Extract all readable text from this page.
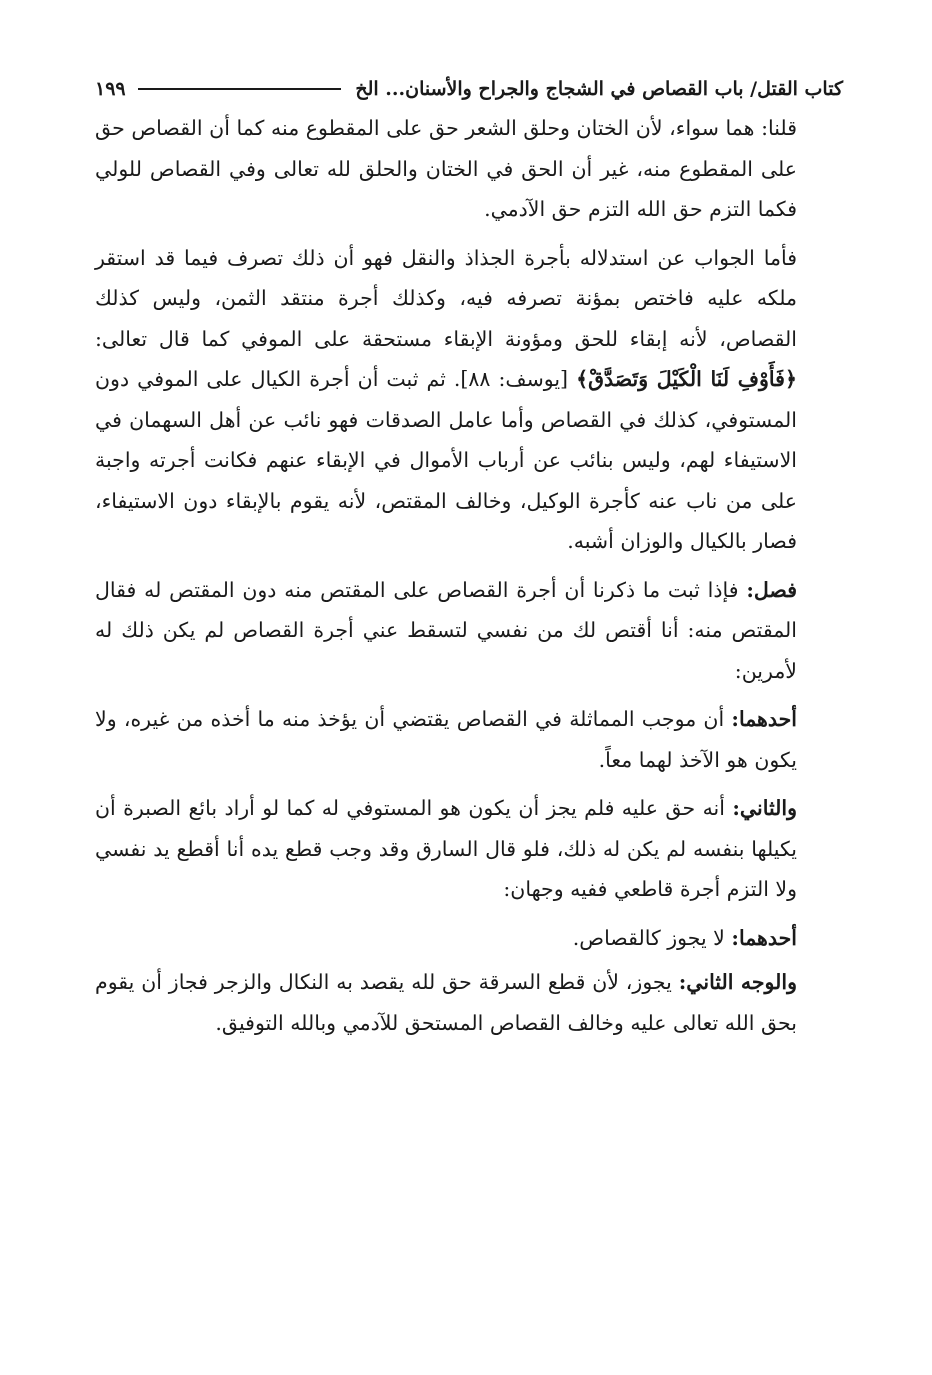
كتاب القتل/ باب القصاص في الشجاج والجراح والأسنان... الخ
١٩٩

قلنا: هما سواء، لأن الختان وحلق الشعر حق على المقطوع منه كما أن القصاص حق على المقطوع منه، غير أن الحق في الختان والحلق لله تعالى وفي القصاص للولي فكما التزم حق الله التزم حق الآدمي.

فأما الجواب عن استدلاله بأجرة الجذاذ والنقل فهو أن ذلك تصرف فيما قد استقر ملكه عليه فاختص بمؤنة تصرفه فيه، وكذلك أجرة منتقد الثمن، وليس كذلك القصاص، لأنه إبقاء للحق ومؤونة الإبقاء مستحقة على الموفي كما قال تعالى: ﴿فَأَوْفِ لَنَا الْكَيْلَ وَتَصَدَّقْ﴾ [يوسف: ٨٨]. ثم ثبت أن أجرة الكيال على الموفي دون المستوفي، كذلك في القصاص وأما عامل الصدقات فهو نائب عن أهل السهمان في الاستيفاء لهم، وليس بنائب عن أرباب الأموال في الإبقاء عنهم فكانت أجرته واجبة على من ناب عنه كأجرة الوكيل، وخالف المقتص، لأنه يقوم بالإبقاء دون الاستيفاء، فصار بالكيال والوزان أشبه.

فصل: فإذا ثبت ما ذكرنا أن أجرة القصاص على المقتص منه دون المقتص له فقال المقتص منه: أنا أقتص لك من نفسي لتسقط عني أجرة القصاص لم يكن ذلك له لأمرين:

أحدهما: أن موجب المماثلة في القصاص يقتضي أن يؤخذ منه ما أخذه من غيره، ولا يكون هو الآخذ لهما معاً.

والثاني: أنه حق عليه فلم يجز أن يكون هو المستوفي له كما لو أراد بائع الصبرة أن يكيلها بنفسه لم يكن له ذلك، فلو قال السارق وقد وجب قطع يده أنا أقطع يد نفسي ولا التزم أجرة قاطعي ففيه وجهان:

أحدهما: لا يجوز كالقصاص.

والوجه الثاني: يجوز، لأن قطع السرقة حق لله يقصد به النكال والزجر فجاز أن يقوم بحق الله تعالى عليه وخالف القصاص المستحق للآدمي وبالله التوفيق.
